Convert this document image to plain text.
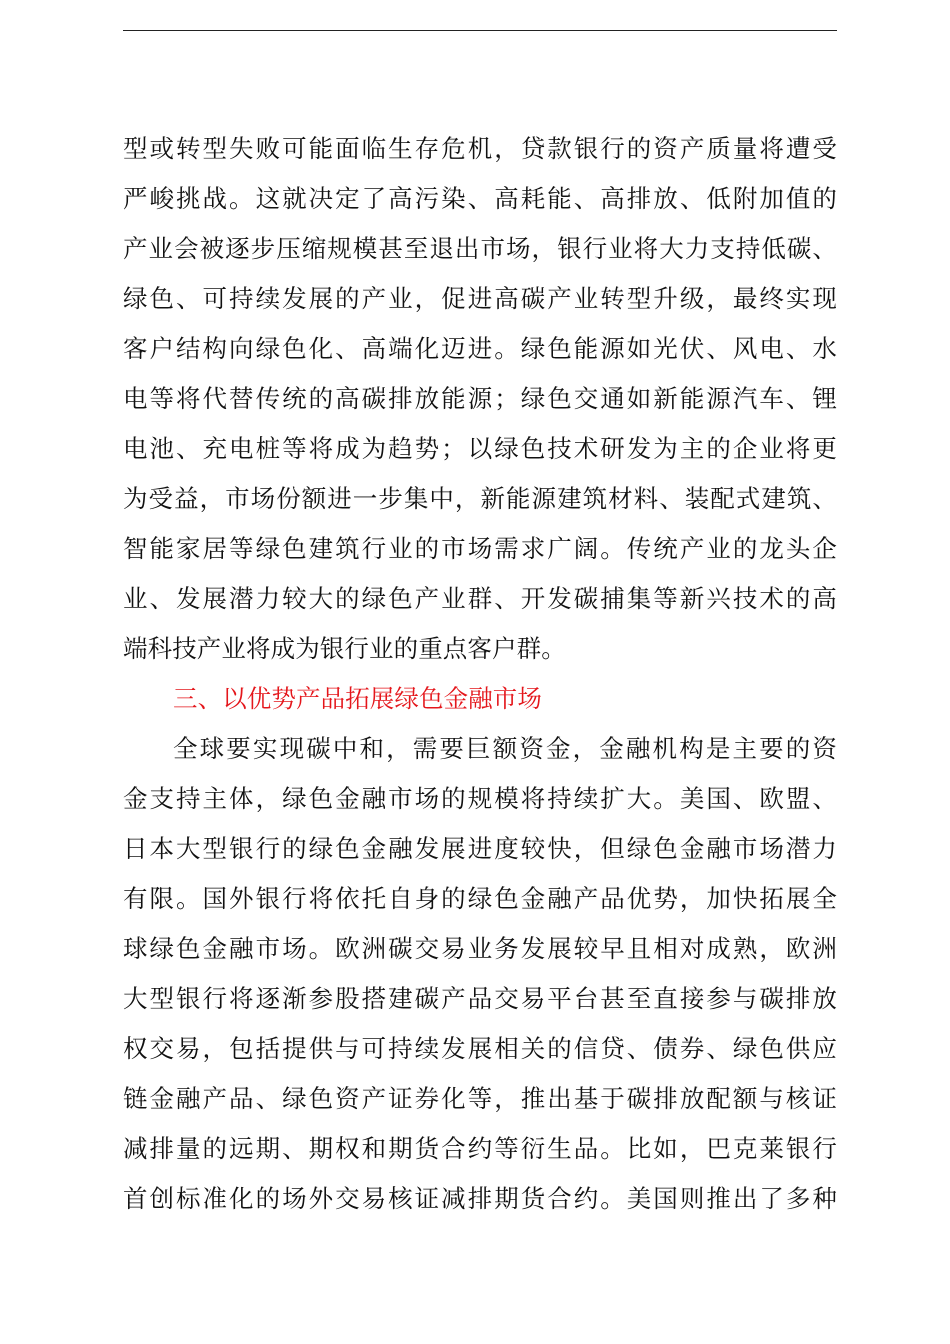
型或转型失败可能面临生存危机，贷款银行的资产质量将遭受
严峻挑战。这就决定了高污染、高耗能、高排放、低附加值的
产业会被逐步压缩规模甚至退出市场，银行业将大力支持低碳、
绿色、可持续发展的产业，促进高碳产业转型升级，最终实现
客户结构向绿色化、高端化迈进。绿色能源如光伏、风电、水
电等将代替传统的高碳排放能源；绿色交通如新能源汽车、锂
电池、充电桩等将成为趋势；以绿色技术研发为主的企业将更
为受益，市场份额进一步集中，新能源建筑材料、装配式建筑、
智能家居等绿色建筑行业的市场需求广阔。传统产业的龙头企
业、发展潜力较大的绿色产业群、开发碳捕集等新兴技术的高
端科技产业将成为银行业的重点客户群。
三、以优势产品拓展绿色金融市场
全球要实现碳中和，需要巨额资金，金融机构是主要的资
金支持主体，绿色金融市场的规模将持续扩大。美国、欧盟、
日本大型银行的绿色金融发展进度较快，但绿色金融市场潜力
有限。国外银行将依托自身的绿色金融产品优势，加快拓展全
球绿色金融市场。欧洲碳交易业务发展较早且相对成熟，欧洲
大型银行将逐渐参股搭建碳产品交易平台甚至直接参与碳排放
权交易，包括提供与可持续发展相关的信贷、债券、绿色供应
链金融产品、绿色资产证券化等，推出基于碳排放配额与核证
减排量的远期、期权和期货合约等衍生品。比如，巴克莱银行
首创标准化的场外交易核证减排期货合约。美国则推出了多种
